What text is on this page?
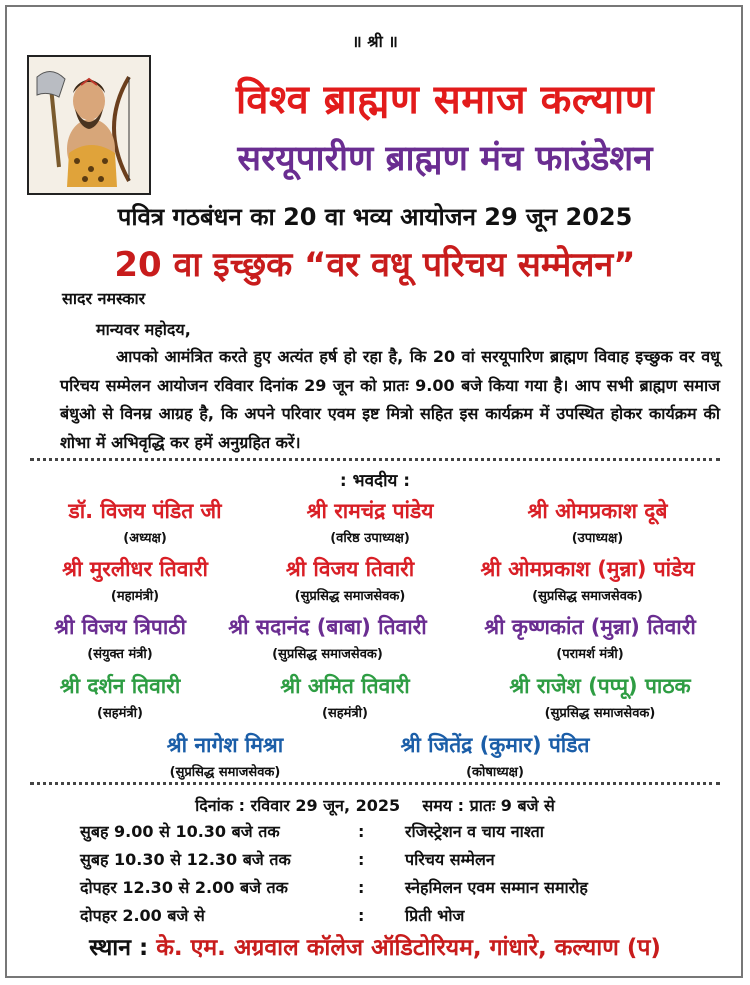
॥ श्री ॥
विश्व ब्राह्मण समाज कल्याण
सरयूपारीण ब्राह्मण मंच फाउंडेशन
पवित्र गठबंधन का 20 वा भव्य आयोजन 29 जून 2025
20 वा इच्छुक “वर वधू परिचय सम्मेलन”
सादर नमस्कार
मान्यवर महोदय,
आपको आमंत्रित करते हुए अत्यंत हर्ष हो रहा है, कि 20 वां सरयूपारिण ब्राह्मण विवाह इच्छुक वर वधू परिचय सम्मेलन आयोजन रविवार दिनांक 29 जून को प्रातः 9.00 बजे किया गया है। आप सभी ब्राह्मण समाज बंधुओ से विनम्र आग्रह है, कि अपने परिवार एवम इष्ट मित्रो सहित इस कार्यक्रम में उपस्थित होकर कार्यक्रम की शोभा में अभिवृद्धि कर हमें अनुग्रहित करें।
: भवदीय :
डॉ. विजय पंडित जी
(अध्यक्ष)
श्री रामचंद्र पांडेय
(वरिष्ठ उपाध्यक्ष)
श्री ओमप्रकाश दूबे
(उपाध्यक्ष)
श्री मुरलीधर तिवारी
(महामंत्री)
श्री विजय तिवारी
(सुप्रसिद्ध समाजसेवक)
श्री ओमप्रकाश (मुन्ना) पांडेय
(सुप्रसिद्ध समाजसेवक)
श्री विजय त्रिपाठी
(संयुक्त मंत्री)
श्री सदानंद (बाबा) तिवारी
(सुप्रसिद्ध समाजसेवक)
श्री कृष्णकांत (मुन्ना) तिवारी
(परामर्श मंत्री)
श्री दर्शन तिवारी
(सहमंत्री)
श्री अमित तिवारी
(सहमंत्री)
श्री राजेश (पप्पू) पाठक
(सुप्रसिद्ध समाजसेवक)
श्री नागेश मिश्रा
(सुप्रसिद्ध समाजसेवक)
श्री जितेंद्र (कुमार) पंडित
(कोषाध्यक्ष)
दिनांक : रविवार 29 जून, 2025    समय : प्रातः 9 बजे से
सुबह 9.00 से 10.30 बजे तक	:	रजिस्ट्रेशन व चाय नाश्ता
सुबह 10.30 से 12.30 बजे तक	:	परिचय सम्मेलन
दोपहर 12.30 से 2.00 बजे तक	:	स्नेहमिलन एवम सम्मान समारोह
दोपहर 2.00 बजे से	:	प्रिती भोज
स्थान : के. एम. अग्रवाल कॉलेज ऑडिटोरियम, गांधारे, कल्याण (प)
